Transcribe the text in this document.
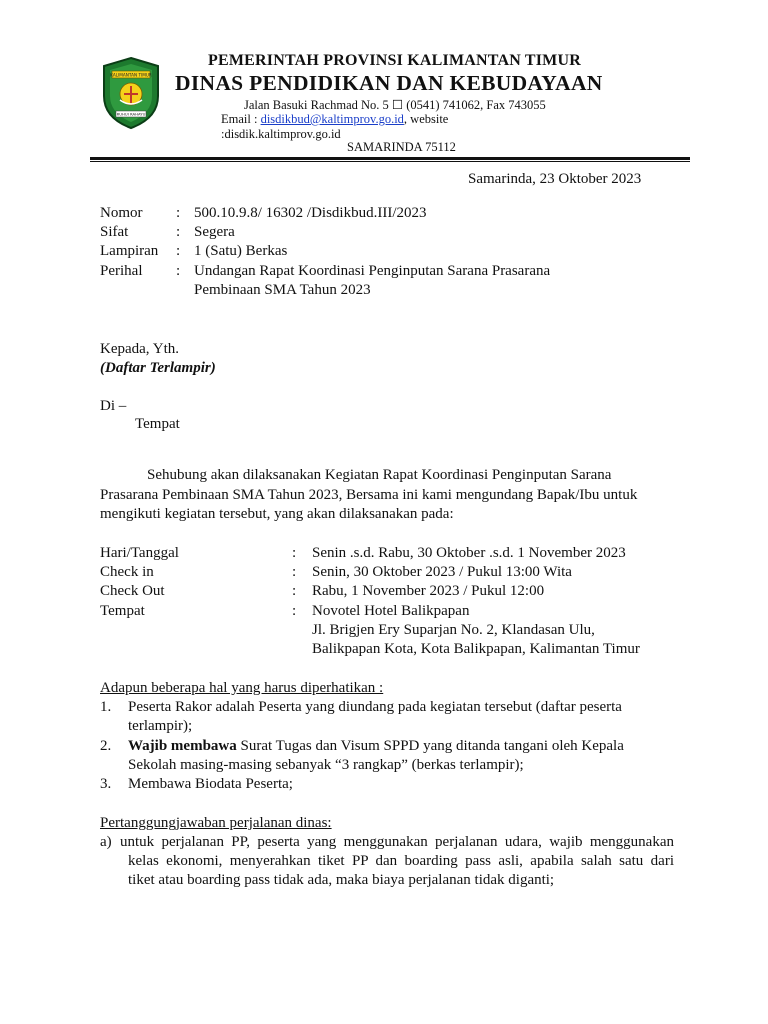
KALIMANTAN TIMUR
RUHUI RAHAYU
PEMERINTAH PROVINSI KALIMANTAN TIMUR
DINAS PENDIDIKAN DAN KEBUDAYAAN
Jalan Basuki Rachmad No. 5 ☐ (0541) 741062, Fax 743055
Email : disdikbud@kaltimprov.go.id, website
:disdik.kaltimprov.go.id
SAMARINDA 75112
Samarinda, 23 Oktober 2023
Nomor : 500.10.9.8/ 16302 /Disdikbud.III/2023
Sifat	: Segera
Lampiran : 1 (Satu) Berkas
Perihal : Undangan Rapat Koordinasi Penginputan Sarana Prasarana
Pembinaan SMA Tahun 2023
Kepada, Yth.
(Daftar Terlampir)
Di –
Tempat
Sehubung akan dilaksanakan Kegiatan Rapat Koordinasi Penginputan Sarana
Prasarana Pembinaan SMA Tahun 2023, Bersama ini kami mengundang Bapak/Ibu untuk
mengikuti kegiatan tersebut, yang akan dilaksanakan pada:
Hari/Tanggal	: Senin .s.d. Rabu, 30 Oktober .s.d. 1 November 2023
Check in	: Senin, 30 Oktober 2023 / Pukul 13:00 Wita
Check Out	: Rabu, 1 November 2023 / Pukul 12:00
Tempat	: Novotel Hotel Balikpapan
Jl. Brigjen Ery Suparjan No. 2, Klandasan Ulu,
Balikpapan Kota, Kota Balikpapan, Kalimantan Timur
Adapun beberapa hal yang harus diperhatikan :
1. Peserta Rakor adalah Peserta yang diundang pada kegiatan tersebut (daftar peserta
terlampir);
2. Wajib membawa Surat Tugas dan Visum SPPD yang ditanda tangani oleh Kepala
Sekolah masing-masing sebanyak “3 rangkap” (berkas terlampir);
3. Membawa Biodata Peserta;
Pertanggungjawaban perjalanan dinas:
a) untuk perjalanan PP, peserta yang menggunakan perjalanan udara, wajib menggunakan
kelas ekonomi, menyerahkan tiket PP dan boarding pass asli, apabila salah satu dari
tiket atau boarding pass tidak ada, maka biaya perjalanan tidak diganti;
